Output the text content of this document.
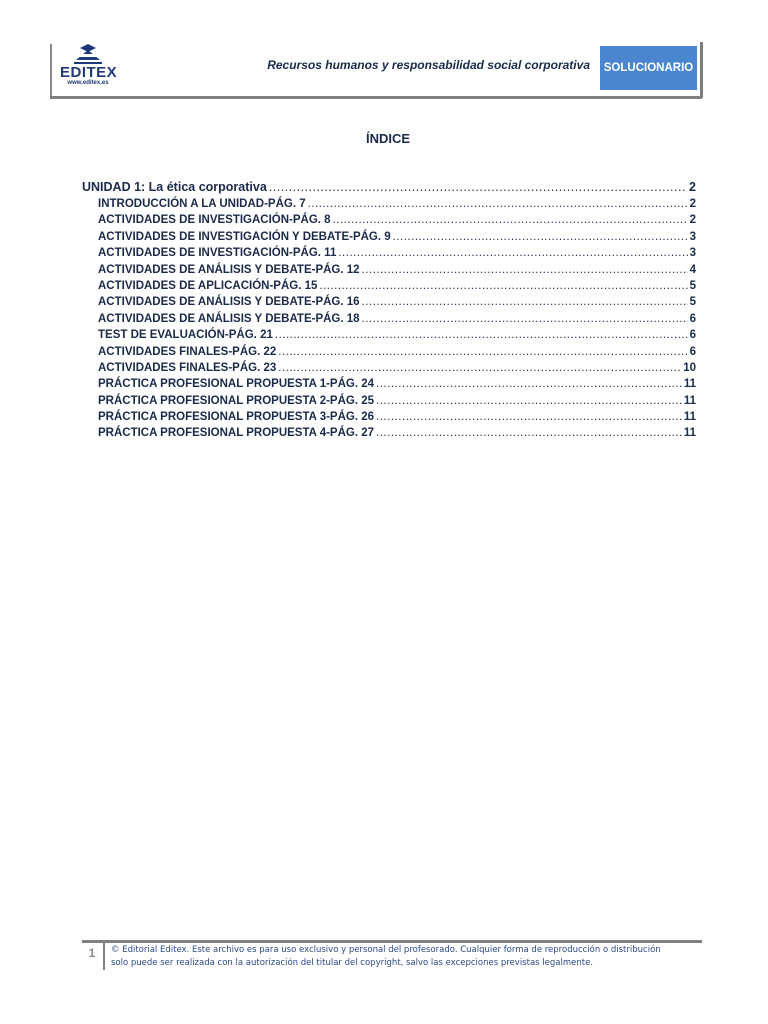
EDITEX
www.editex.es
Recursos humanos y responsabilidad social corporativa	SOLUCIONARIO
ÍNDICE
UNIDAD 1: La ética corporativa .....	2
INTRODUCCIÓN A LA UNIDAD-PÁG. 7 .....	2
ACTIVIDADES DE INVESTIGACIÓN-PÁG. 8 .....	2
ACTIVIDADES DE INVESTIGACIÓN Y DEBATE-PÁG. 9 .....	3
ACTIVIDADES DE INVESTIGACIÓN-PÁG. 11 .....	3
ACTIVIDADES DE ANÁLISIS Y DEBATE-PÁG. 12 .....	4
ACTIVIDADES DE APLICACIÓN-PÁG. 15 .....	5
ACTIVIDADES DE ANÁLISIS Y DEBATE-PÁG. 16 .....	5
ACTIVIDADES DE ANÁLISIS Y DEBATE-PÁG. 18 .....	6
TEST DE EVALUACIÓN-PÁG. 21 .....	6
ACTIVIDADES FINALES-PÁG. 22 .....	6
ACTIVIDADES FINALES-PÁG. 23 .....	10
PRÁCTICA PROFESIONAL PROPUESTA 1-PÁG. 24 .....	11
PRÁCTICA PROFESIONAL PROPUESTA 2-PÁG. 25 .....	11
PRÁCTICA PROFESIONAL PROPUESTA 3-PÁG. 26 .....	11
PRÁCTICA PROFESIONAL PROPUESTA 4-PÁG. 27 .....	11
1	© Editorial Editex. Este archivo es para uso exclusivo y personal del profesorado. Cualquier forma de reproducción o distribución
solo puede ser realizada con la autorización del titular del copyright, salvo las excepciones previstas legalmente.
